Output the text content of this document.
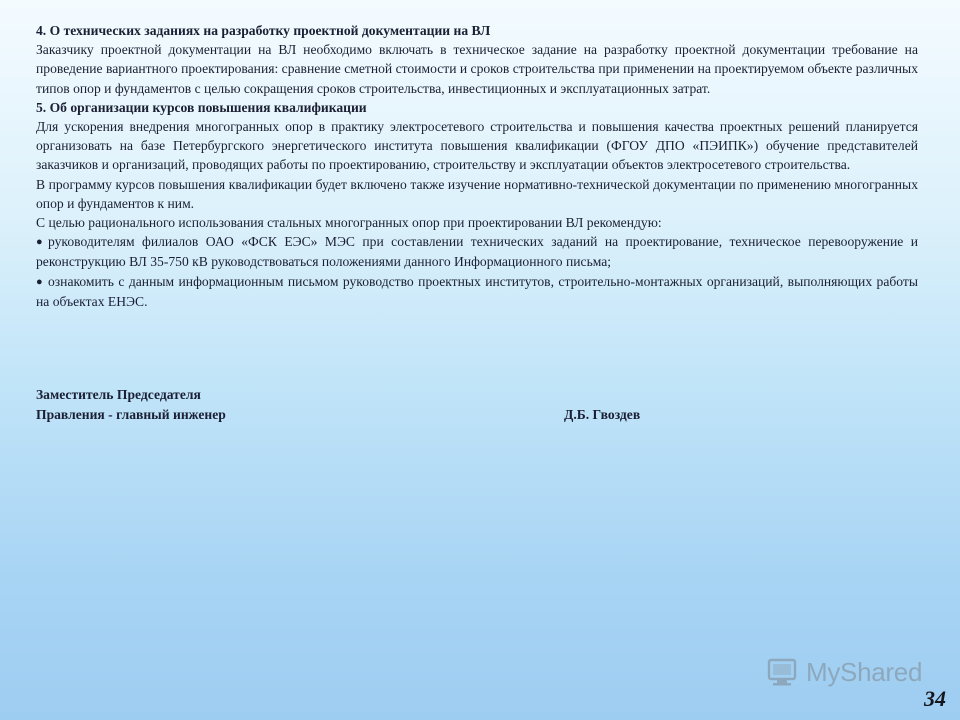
4. О технических заданиях на разработку проектной документации на ВЛ

Заказчику проектной документации на ВЛ необходимо включать в техническое задание на разработку проектной документации требование на проведение вариантного проектирования: сравнение сметной стоимости и сроков строительства при применении на проектируемом объекте различных типов опор и фундаментов с целью сокращения сроков строительства, инвестиционных и эксплуатационных затрат.

5. Об организации курсов повышения квалификации

Для ускорения внедрения многогранных опор в практику электросетевого строительства и повышения качества проектных решений планируется организовать на базе Петербургского энергетического института повышения квалификации (ФГОУ ДПО «ПЭИПК») обучение представителей заказчиков и организаций, проводящих работы по проектированию, строительству и эксплуатации объектов электросетевого строительства.

В программу курсов повышения квалификации будет включено также изучение нормативно-технической документации по применению многогранных опор и фундаментов к ним.

С целью рационального использования стальных многогранных опор при проектировании ВЛ рекомендую:

● руководителям филиалов ОАО «ФСК ЕЭС» МЭС при составлении технических заданий на проектирование, техническое перевооружение и реконструкцию ВЛ 35-750 кВ руководствоваться положениями данного Информационного письма;

● ознакомить с данным информационным письмом руководство проектных институтов, строительно-монтажных организаций, выполняющих работы на объектах ЕНЭС.

Заместитель Председателя
Правления - главный инженер	Д.Б. Гвоздев
MyShared
34
